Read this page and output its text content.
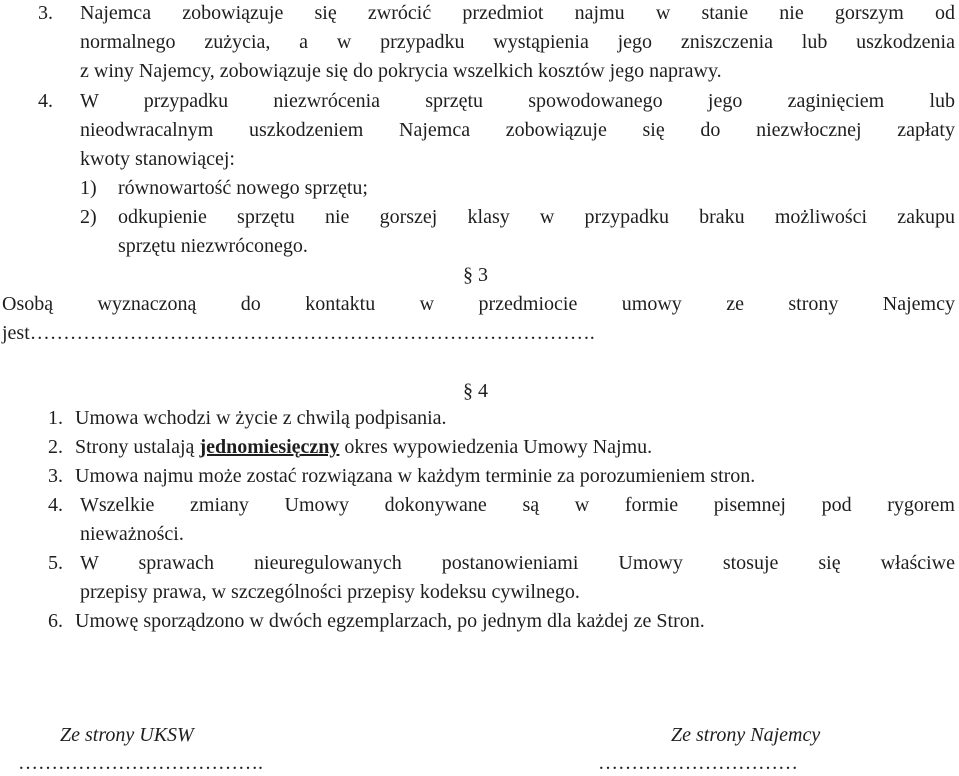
3. Najemca zobowiązuje się zwrócić przedmiot najmu w stanie nie gorszym od
normalnego zużycia, a w przypadku wystąpienia jego zniszczenia lub uszkodzenia
z winy Najemcy, zobowiązuje się do pokrycia wszelkich kosztów jego naprawy.
4. W przypadku niezwrócenia sprzętu spowodowanego jego zaginięciem lub
nieodwracalnym uszkodzeniem Najemca zobowiązuje się do niezwłocznej zapłaty
kwoty stanowiącej:
1) równowartość nowego sprzętu;
2) odkupienie sprzętu nie gorszej klasy w przypadku braku możliwości zakupu
sprzętu niezwróconego.
§ 3
Osobą wyznaczoną do kontaktu w przedmiocie umowy ze strony Najemcy
jest………………………………………………………………………….
§ 4
1. Umowa wchodzi w życie z chwilą podpisania.
2. Strony ustalają jednomiesięczny okres wypowiedzenia Umowy Najmu.
3. Umowa najmu może zostać rozwiązana w każdym terminie za porozumieniem stron.
4. Wszelkie zmiany Umowy dokonywane są w formie pisemnej pod rygorem
nieważności.
5. W sprawach nieuregulowanych postanowieniami Umowy stosuje się właściwe
przepisy prawa, w szczególności przepisy kodeksu cywilnego.
6. Umowę sporządzono w dwóch egzemplarzach, po jednym dla każdej ze Stron.
Ze strony UKSW	Ze strony Najemcy
……………………………….	…………………………
